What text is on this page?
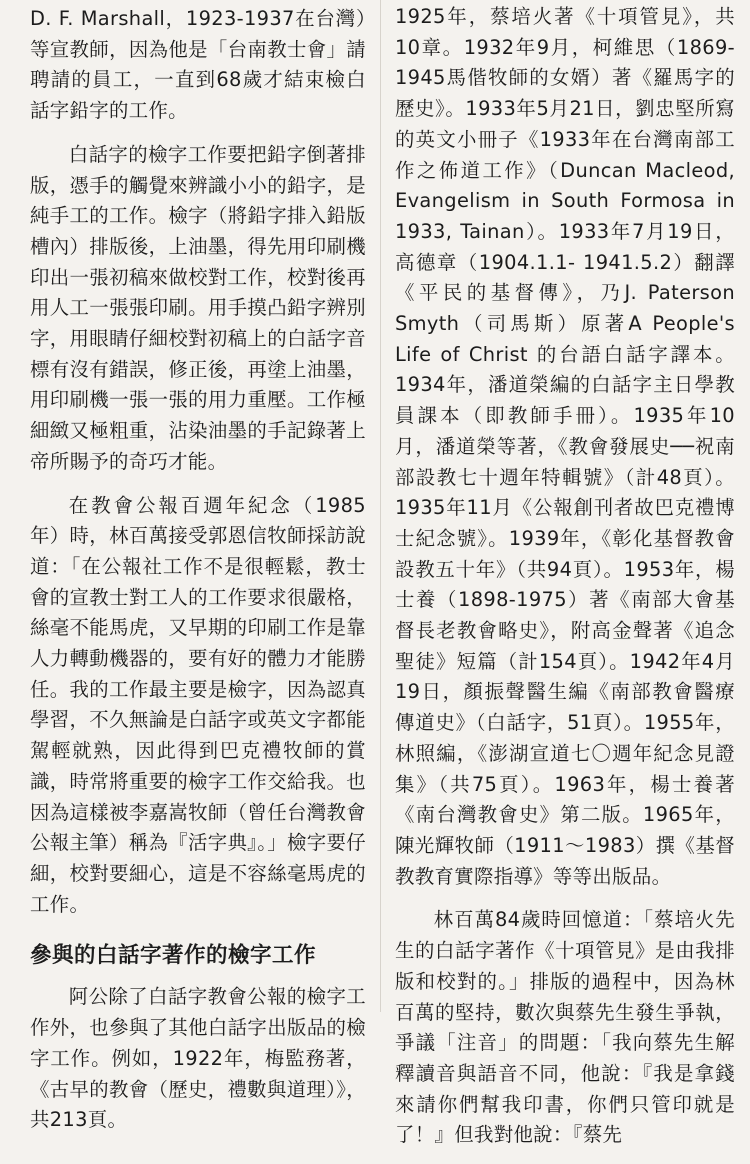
D. F. Marshall，1923-1937在台灣）等宣教師，因為他是「台南教士會」請聘請的員工，一直到68歲才結束檢白話字鉛字的工作。

白話字的檢字工作要把鉛字倒著排版，憑手的觸覺來辨識小小的鉛字，是純手工的工作。檢字（將鉛字排入鉛版槽內）排版後，上油墨，得先用印刷機印出一張初稿來做校對工作，校對後再用人工一張張印刷。用手摸凸鉛字辨別字，用眼睛仔細校對初稿上的白話字音標有沒有錯誤，修正後，再塗上油墨，用印刷機一張一張的用力重壓。工作極細緻又極粗重，沾染油墨的手記錄著上帝所賜予的奇巧才能。

在教會公報百週年紀念（1985年）時，林百萬接受郭恩信牧師採訪說道：「在公報社工作不是很輕鬆，教士會的宣教士對工人的工作要求很嚴格，絲毫不能馬虎，又早期的印刷工作是靠人力轉動機器的，要有好的體力才能勝任。我的工作最主要是檢字，因為認真學習，不久無論是白話字或英文字都能駕輕就熟，因此得到巴克禮牧師的賞識，時常將重要的檢字工作交給我。也因為這樣被李嘉嵩牧師（曾任台灣教會公報主筆）稱為『活字典』。」檢字要仔細，校對要細心，這是不容絲毫馬虎的工作。

參與的白話字著作的檢字工作

阿公除了白話字教會公報的檢字工作外，也參與了其他白話字出版品的檢字工作。例如，1922年，梅監務著，《古早的教會（歷史，禮數與道理）》，共213頁。

1925年，蔡培火著《十項管見》，共10章。1932年9月，柯維思（1869-1945馬偕牧師的女婿）著《羅馬字的歷史》。1933年5月21日，劉忠堅所寫的英文小冊子《1933年在台灣南部工作之佈道工作》（Duncan Macleod, Evangelism in South Formosa in 1933, Tainan）。1933年7月19日，高德章（1904.1.1- 1941.5.2）翻譯《平民的基督傳》，乃J. Paterson Smyth（司馬斯）原著A People's Life of Christ 的台語白話字譯本。1934年，潘道榮編的白話字主日學教員課本（即教師手冊）。1935年10月，潘道榮等著，《教會發展史──祝南部設教七十週年特輯號》（計48頁）。1935年11月《公報創刊者故巴克禮博士紀念號》。1939年，《彰化基督教會設教五十年》（共94頁）。1953年，楊士養（1898-1975）著《南部大會基督長老教會略史》，附高金聲著《追念聖徒》短篇（計154頁）。1942年4月19日，顏振聲醫生編《南部教會醫療傳道史》（白話字，51頁）。1955年，林照編，《澎湖宣道七〇週年紀念見證集》（共75頁）。1963年，楊士養著《南台灣教會史》第二版。1965年，陳光輝牧師（1911～1983）撰《基督教教育實際指導》等等出版品。

林百萬84歲時回憶道：「蔡培火先生的白話字著作《十項管見》是由我排版和校對的。」排版的過程中，因為林百萬的堅持，數次與蔡先生發生爭執，爭議「注音」的問題：「我向蔡先生解釋讀音與語音不同，他說：『我是拿錢來請你們幫我印書，你們只管印就是了！』但我對他說：『蔡先
